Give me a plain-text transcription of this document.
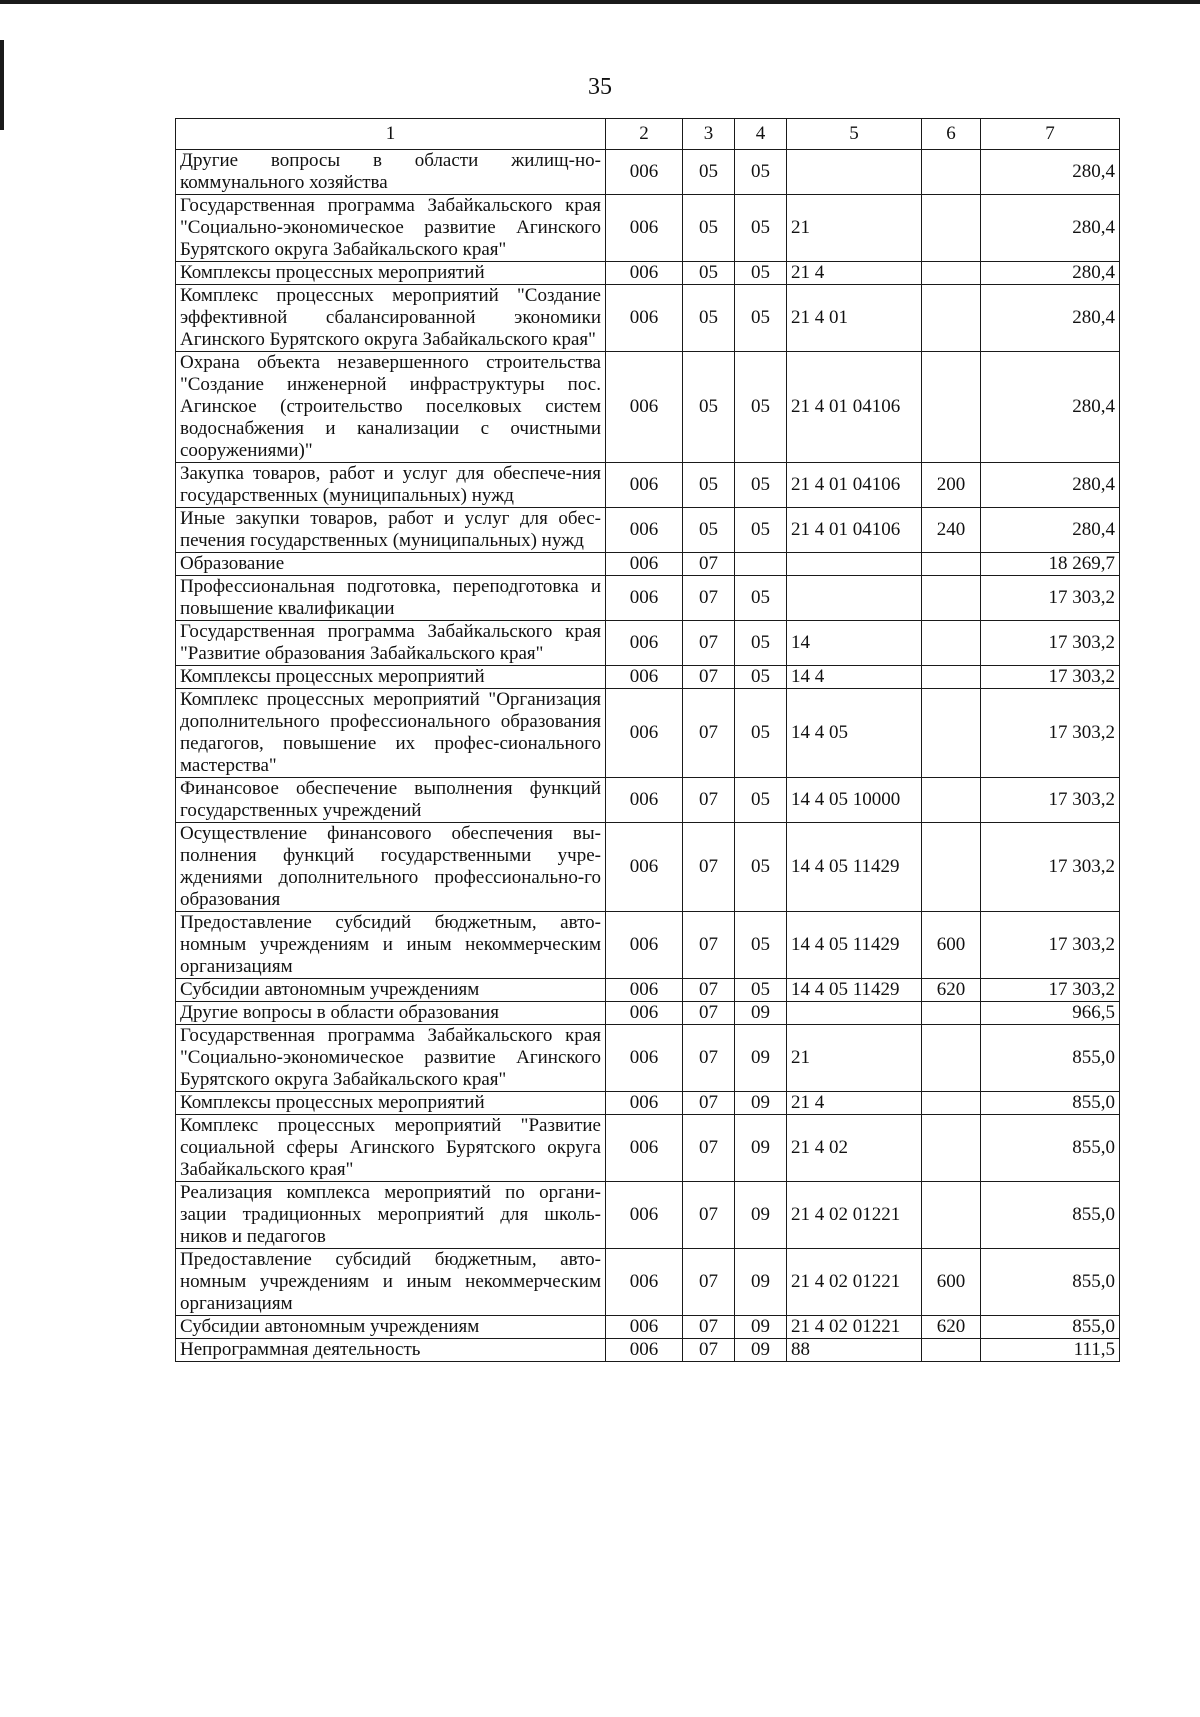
35
1	2	3	4	5	6	7
Другие вопросы в области жилищ-но-коммунального хозяйства	006	05	05			280,4
Государственная программа Забайкальского края "Социально-экономическое развитие Агинского Бурятского округа Забайкальского края"	006	05	05	21		280,4
Комплексы процессных мероприятий	006	05	05	21 4		280,4
Комплекс процессных мероприятий "Создание эффективной сбалансированной экономики Агинского Бурятского округа Забайкальского края"	006	05	05	21 4 01		280,4
Охрана объекта незавершенного строительства "Создание инженерной инфраструктуры пос. Агинское (строительство поселковых систем водоснабжения и канализации с очистными сооружениями)"	006	05	05	21 4 01 04106		280,4
Закупка товаров, работ и услуг для обеспече-ния государственных (муниципальных) нужд	006	05	05	21 4 01 04106	200	280,4
Иные закупки товаров, работ и услуг для обес-печения государственных (муниципальных) нужд	006	05	05	21 4 01 04106	240	280,4
Образование	006	07				18 269,7
Профессиональная подготовка, переподготовка и повышение квалификации	006	07	05			17 303,2
Государственная программа Забайкальского края "Развитие образования Забайкальского края"	006	07	05	14		17 303,2
Комплексы процессных мероприятий	006	07	05	14 4		17 303,2
Комплекс процессных мероприятий "Организация дополнительного профессионального образования педагогов, повышение их профес-сионального мастерства"	006	07	05	14 4 05		17 303,2
Финансовое обеспечение выполнения функций государственных учреждений	006	07	05	14 4 05 10000		17 303,2
Осуществление финансового обеспечения вы-полнения функций государственными учре-ждениями дополнительного профессионально-го образования	006	07	05	14 4 05 11429		17 303,2
Предоставление субсидий бюджетным, авто-номным учреждениям и иным некоммерческим организациям	006	07	05	14 4 05 11429	600	17 303,2
Субсидии автономным учреждениям	006	07	05	14 4 05 11429	620	17 303,2
Другие вопросы в области образования	006	07	09			966,5
Государственная программа Забайкальского края "Социально-экономическое развитие Агинского Бурятского округа Забайкальского края"	006	07	09	21		855,0
Комплексы процессных мероприятий	006	07	09	21 4		855,0
Комплекс процессных мероприятий "Развитие социальной сферы Агинского Бурятского округа Забайкальского края"	006	07	09	21 4 02		855,0
Реализация комплекса мероприятий по органи-зации традиционных мероприятий для школь-ников и педагогов	006	07	09	21 4 02 01221		855,0
Предоставление субсидий бюджетным, авто-номным учреждениям и иным некоммерческим организациям	006	07	09	21 4 02 01221	600	855,0
Субсидии автономным учреждениям	006	07	09	21 4 02 01221	620	855,0
Непрограммная деятельность	006	07	09	88		111,5
